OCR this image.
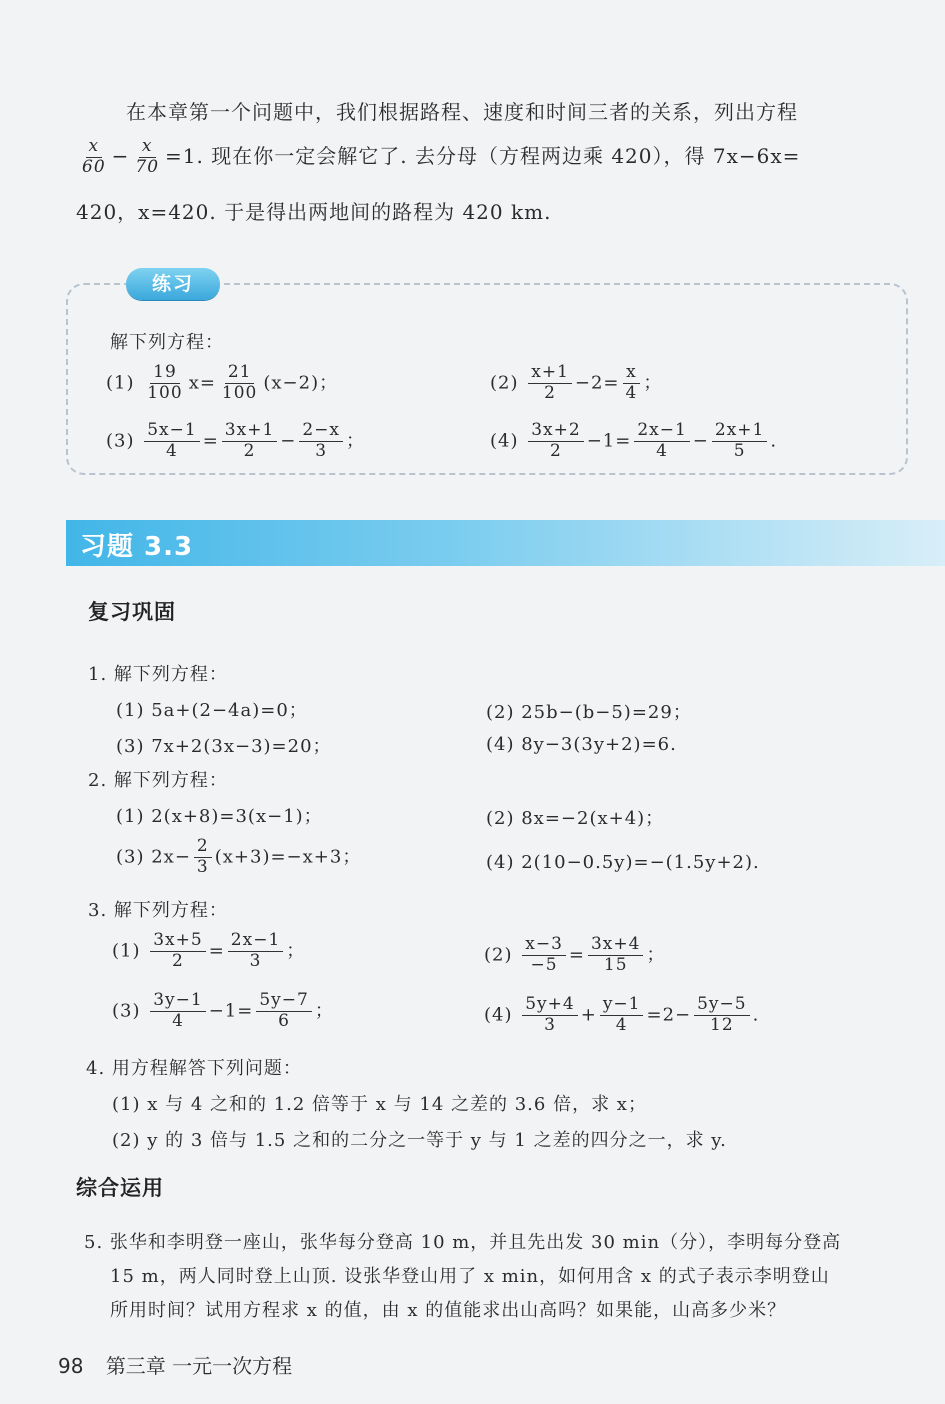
在本章第一个问题中，我们根据路程、速度和时间三者的关系，列出方程
$\frac{x}{60} - \frac{x}{70} =1$. 现在你一定会解它了. 去分母（方程两边乘 420），得 7x−6x=
420，x=420. 于是得出两地间的路程为 420 km.
练习
解下列方程：
$(1) \frac{19}{100} x= \frac{21}{100} (x-2)$；	$(2) \frac{x+1}{2} -2= \frac{x}{4}$ ；
$(3) \frac{5x-1}{4} = \frac{3x+1}{2} - \frac{2-x}{3}$ ；	$(4) \frac{3x+2}{2} -1= \frac{2x-1}{4} - \frac{2x+1}{5}$ .
习题 3.3
复习巩固
1. 解下列方程：
(1) 5a+(2−4a)=0；	(2) 25b−(b−5)=29；
(3) 7x+2(3x−3)=20；	(4) 8y−3(3y+2)=6.
2. 解下列方程：
(1) 2(x+8)=3(x−1)；	(2) 8x=−2(x+4)；
(3) $2x- \frac{2}{3} (x+3)=-x+3$；	(4) 2(10−0.5y)=−(1.5y+2).
3. 解下列方程：
$(1) \frac{3x+5}{2} = \frac{2x-1}{3}$ ；	$(2) \frac{x-3}{-5} = \frac{3x+4}{15}$ ；
$(3) \frac{3y-1}{4} -1= \frac{5y-7}{6}$ ；	$(4) \frac{5y+4}{3} + \frac{y-1}{4} =2- \frac{5y-5}{12}$ .
4. 用方程解答下列问题：
(1) x 与 4 之和的 1.2 倍等于 x 与 14 之差的 3.6 倍，求 x；
(2) y 的 3 倍与 1.5 之和的二分之一等于 y 与 1 之差的四分之一，求 y.
综合运用
5. 张华和李明登一座山，张华每分登高 10 m，并且先出发 30 min（分），李明每分登高
15 m，两人同时登上山顶. 设张华登山用了 x min，如何用含 x 的式子表示李明登山
所用时间？试用方程求 x 的值，由 x 的值能求出山高吗？如果能，山高多少米？
98 第三章 一元一次方程
